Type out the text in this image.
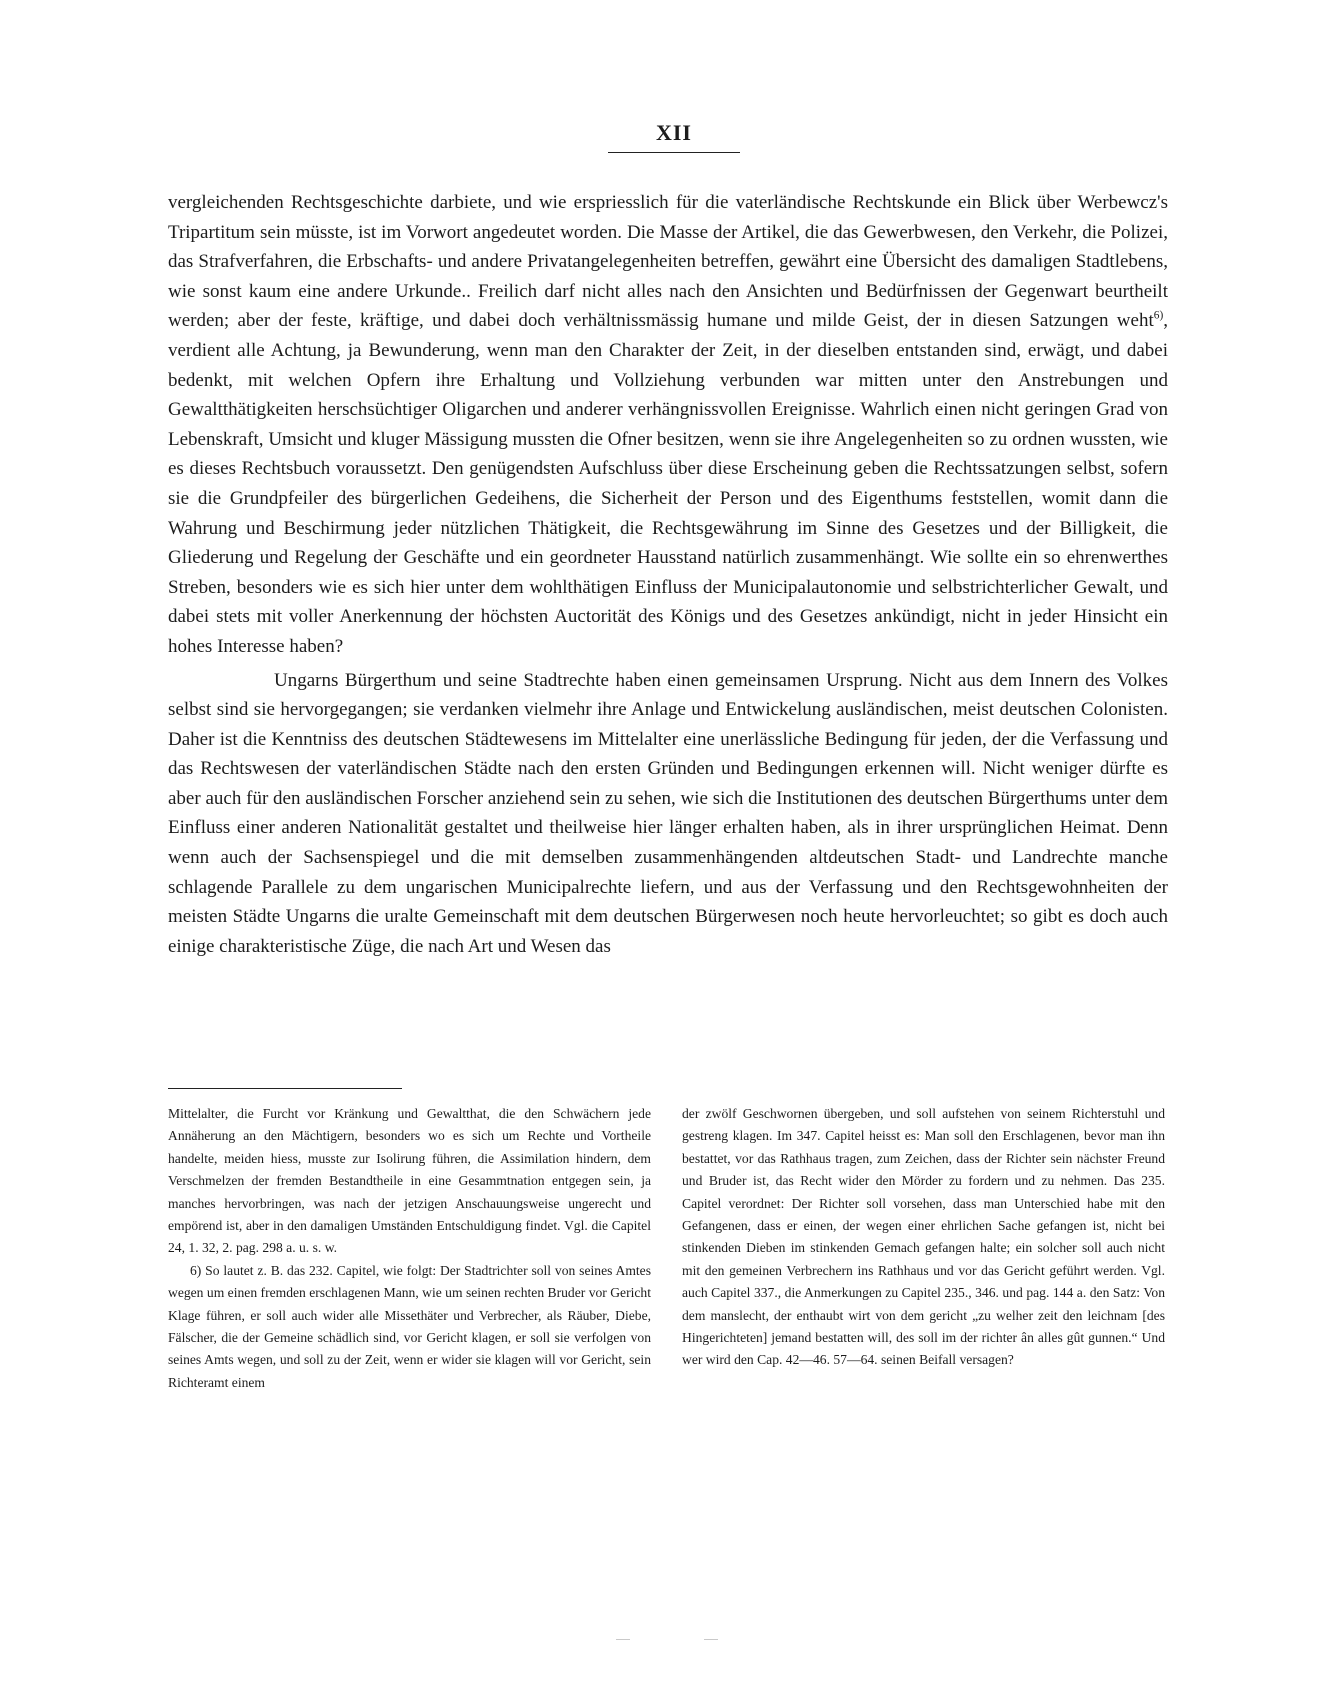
XII

vergleichenden Rechtsgeschichte darbiete, und wie erspriesslich für die vaterländische Rechtskunde ein Blick über Werbewcz's Tripartitum sein müsste, ist im Vorwort angedeutet worden. Die Masse der Artikel, die das Gewerbwesen, den Verkehr, die Polizei, das Strafverfahren, die Erbschafts- und andere Privatangelegenheiten betreffen, gewährt eine Übersicht des damaligen Stadtlebens, wie sonst kaum eine andere Urkunde.. Freilich darf nicht alles nach den Ansichten und Bedürfnissen der Gegenwart beurtheilt werden; aber der feste, kräftige, und dabei doch verhältnissmässig humane und milde Geist, der in diesen Satzungen weht$^{6)}$, verdient alle Achtung, ja Bewunderung, wenn man den Charakter der Zeit, in der dieselben entstanden sind, erwägt, und dabei bedenkt, mit welchen Opfern ihre Erhaltung und Vollziehung verbunden war mitten unter den Anstrebungen und Gewaltthätigkeiten herschsüchtiger Oligarchen und anderer verhängnissvollen Ereignisse. Wahrlich einen nicht geringen Grad von Lebenskraft, Umsicht und kluger Mässigung mussten die Ofner besitzen, wenn sie ihre Angelegenheiten so zu ordnen wussten, wie es dieses Rechtsbuch voraussetzt. Den genügendsten Aufschluss über diese Erscheinung geben die Rechtssatzungen selbst, sofern sie die Grundpfeiler des bürgerlichen Gedeihens, die Sicherheit der Person und des Eigenthums feststellen, womit dann die Wahrung und Beschirmung jeder nützlichen Thätigkeit, die Rechtsgewährung im Sinne des Gesetzes und der Billigkeit, die Gliederung und Regelung der Geschäfte und ein geordneter Hausstand natürlich zusammenhängt. Wie sollte ein so ehrenwerthes Streben, besonders wie es sich hier unter dem wohlthätigen Einfluss der Municipalautonomie und selbstrichterlicher Gewalt, und dabei stets mit voller Anerkennung der höchsten Auctorität des Königs und des Gesetzes ankündigt, nicht in jeder Hinsicht ein hohes Interesse haben?

Ungarns Bürgerthum und seine Stadtrechte haben einen gemeinsamen Ursprung. Nicht aus dem Innern des Volkes selbst sind sie hervorgegangen; sie verdanken vielmehr ihre Anlage und Entwickelung ausländischen, meist deutschen Colonisten. Daher ist die Kenntniss des deutschen Städtewesens im Mittelalter eine unerlässliche Bedingung für jeden, der die Verfassung und das Rechtswesen der vaterländischen Städte nach den ersten Gründen und Bedingungen erkennen will. Nicht weniger dürfte es aber auch für den ausländischen Forscher anziehend sein zu sehen, wie sich die Institutionen des deutschen Bürgerthums unter dem Einfluss einer anderen Nationalität gestaltet und theilweise hier länger erhalten haben, als in ihrer ursprünglichen Heimat. Denn wenn auch der Sachsenspiegel und die mit demselben zusammenhängenden altdeutschen Stadt- und Landrechte manche schlagende Parallele zu dem ungarischen Municipalrechte liefern, und aus der Verfassung und den Rechtsgewohnheiten der meisten Städte Ungarns die uralte Gemeinschaft mit dem deutschen Bürgerwesen noch heute hervorleuchtet; so gibt es doch auch einige charakteristische Züge, die nach Art und Wesen das

Mittelalter, die Furcht vor Kränkung und Gewaltthat, die den Schwächern jede Annäherung an den Mächtigern, besonders wo es sich um Rechte und Vortheile handelte, meiden hiess, musste zur Isolirung führen, die Assimilation hindern, dem Verschmelzen der fremden Bestandtheile in eine Gesammtnation entgegen sein, ja manches hervorbringen, was nach der jetzigen Anschauungsweise ungerecht und empörend ist, aber in den damaligen Umständen Entschuldigung findet. Vgl. die Capitel 24, 1. 32, 2. pag. 298 a. u. s. w.

6) So lautet z. B. das 232. Capitel, wie folgt: Der Stadtrichter soll von seines Amtes wegen um einen fremden erschlagenen Mann, wie um seinen rechten Bruder vor Gericht Klage führen, er soll auch wider alle Missethäter und Verbrecher, als Räuber, Diebe, Fälscher, die der Gemeine schädlich sind, vor Gericht klagen, er soll sie verfolgen von seines Amts wegen, und soll zu der Zeit, wenn er wider sie klagen will vor Gericht, sein Richteramt einem

der zwölf Geschwornen übergeben, und soll aufstehen von seinem Richterstuhl und gestreng klagen. Im 347. Capitel heisst es: Man soll den Erschlagenen, bevor man ihn bestattet, vor das Rathhaus tragen, zum Zeichen, dass der Richter sein nächster Freund und Bruder ist, das Recht wider den Mörder zu fordern und zu nehmen. Das 235. Capitel verordnet: Der Richter soll vorsehen, dass man Unterschied habe mit den Gefangenen, dass er einen, der wegen einer ehrlichen Sache gefangen ist, nicht bei stinkenden Dieben im stinkenden Gemach gefangen halte; ein solcher soll auch nicht mit den gemeinen Verbrechern ins Rathhaus und vor das Gericht geführt werden. Vgl. auch Capitel 337., die Anmerkungen zu Capitel 235., 346. und pag. 144 a. den Satz: Von dem manslecht, der enthaubt wirt von dem gericht „zu welher zeit den leichnam [des Hingerichteten] jemand bestatten will, des soll im der richter ân alles gût gunnen.“ Und wer wird den Cap. 42—46. 57—64. seinen Beifall versagen?
